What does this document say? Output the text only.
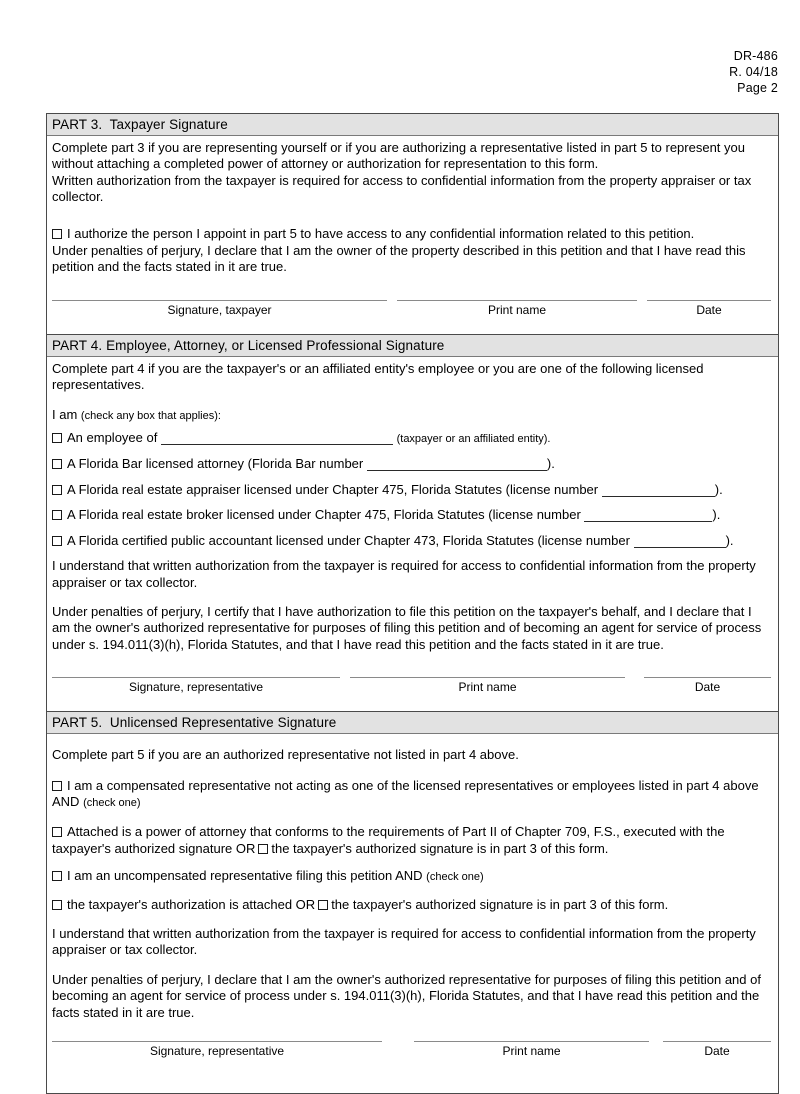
DR-486
R. 04/18
Page 2
PART 3.  Taxpayer Signature

Complete part 3 if you are representing yourself or if you are authorizing a representative listed in part 5 to represent you without attaching a completed power of attorney or authorization for representation to this form.

Written authorization from the taxpayer is required for access to confidential information from the property appraiser or tax collector.

I authorize the person I appoint in part 5 to have access to any confidential information related to this petition.

Under penalties of perjury, I declare that I am the owner of the property described in this petition and that I have read this petition and the facts stated in it are true.

Signature, taxpayer	Print name	Date
PART 4. Employee, Attorney, or Licensed Professional Signature

Complete part 4 if you are the taxpayer's or an affiliated entity's employee or you are one of the following licensed representatives.

I am (check any box that applies):

An employee of	(taxpayer or an affiliated entity).
A Florida Bar licensed attorney (Florida Bar number	).
A Florida real estate appraiser licensed under Chapter 475, Florida Statutes (license number	).
A Florida real estate broker licensed under Chapter 475, Florida Statutes (license number	).
A Florida certified public accountant licensed under Chapter 473, Florida Statutes (license number	).

I understand that written authorization from the taxpayer is required for access to confidential information from the property appraiser or tax collector.

Under penalties of perjury, I certify that I have authorization to file this petition on the taxpayer's behalf, and I declare that I am the owner's authorized representative for purposes of filing this petition and of becoming an agent for service of process under s. 194.011(3)(h), Florida Statutes, and that I have read this petition and the facts stated in it are true.

Signature, representative	Print name	Date
PART 5.  Unlicensed Representative Signature

Complete part 5 if you are an authorized representative not listed in part 4 above.

I am a compensated representative not acting as one of the licensed representatives or employees listed in part 4 above AND (check one)
Attached is a power of attorney that conforms to the requirements of Part II of Chapter 709, F.S., executed with the taxpayer's authorized signature OR the taxpayer's authorized signature is in part 3 of this form.
I am an uncompensated representative filing this petition AND (check one)
the taxpayer's authorization is attached OR the taxpayer's authorized signature is in part 3 of this form.

I understand that written authorization from the taxpayer is required for access to confidential information from the property appraiser or tax collector.

Under penalties of perjury, I declare that I am the owner's authorized representative for purposes of filing this petition and of becoming an agent for service of process under s. 194.011(3)(h), Florida Statutes, and that I have read this petition and the facts stated in it are true.

Signature, representative	Print name	Date
